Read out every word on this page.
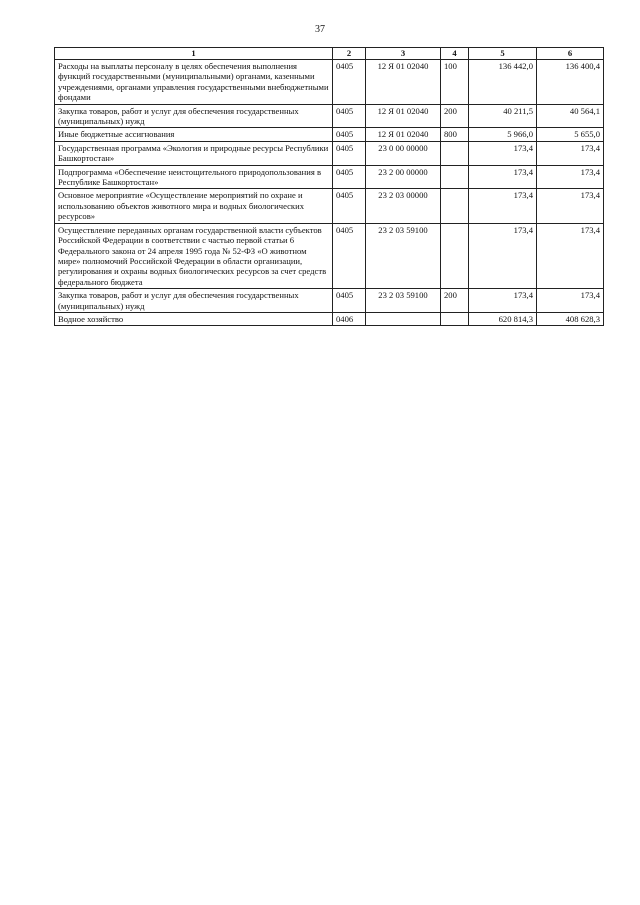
37
1	2	3	4	5	6
Расходы на выплаты персоналу в целях обеспечения выполнения функций государственными (муниципальными) органами, казенными учреждениями, органами управления государственными внебюджетными фондами	0405	12 Я 01 02040	100	136 442,0	136 400,4
Закупка товаров, работ и услуг для обеспечения государственных (муниципальных) нужд	0405	12 Я 01 02040	200	40 211,5	40 564,1
Иные бюджетные ассигнования	0405	12 Я 01 02040	800	5 966,0	5 655,0
Государственная программа «Экология и природные ресурсы Республики Башкортостан»	0405	23 0 00 00000		173,4	173,4
Подпрограмма «Обеспечение неистощительного природопользования в Республике Башкортостан»	0405	23 2 00 00000		173,4	173,4
Основное мероприятие «Осуществление мероприятий по охране и использованию объектов животного мира и водных биологических ресурсов»	0405	23 2 03 00000		173,4	173,4
Осуществление переданных органам государственной власти субъектов Российской Федерации в соответствии с частью первой статьи 6 Федерального закона от 24 апреля 1995 года № 52-ФЗ «О животном мире» полномочий Российской Федерации в области организации, регулирования и охраны водных биологических ресурсов за счет средств федерального бюджета	0405	23 2 03 59100		173,4	173,4
Закупка товаров, работ и услуг для обеспечения государственных (муниципальных) нужд	0405	23 2 03 59100	200	173,4	173,4
Водное хозяйство	0406			620 814,3	408 628,3
